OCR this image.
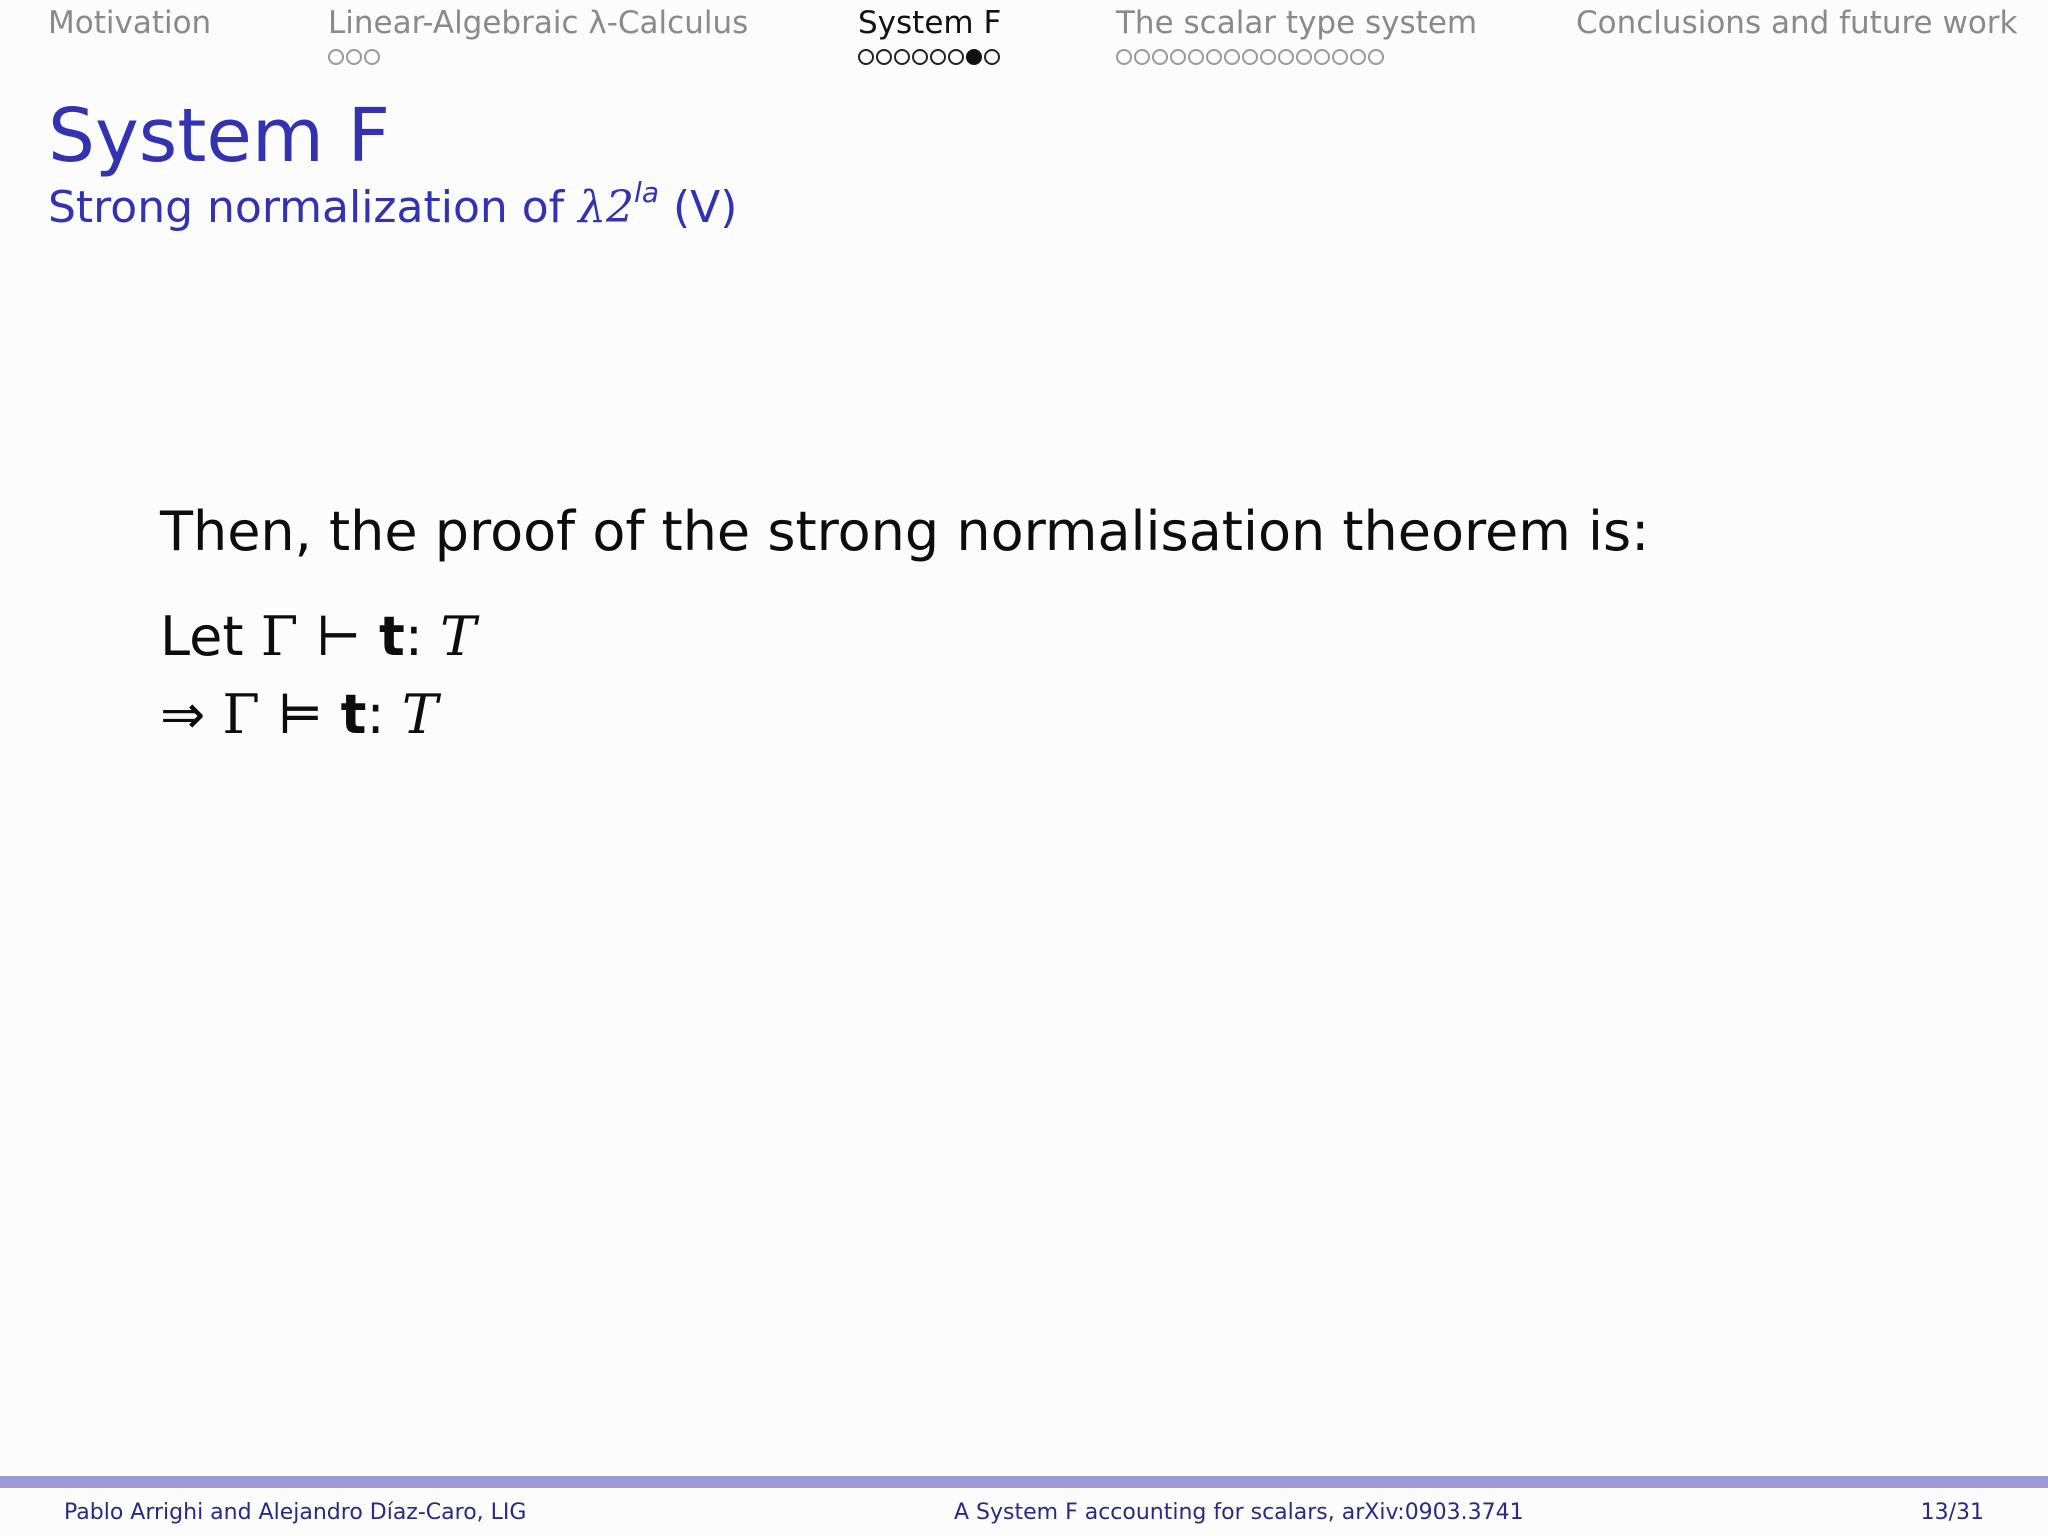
Motivation	Linear-Algebraic λ-Calculus	System F	The scalar type system	Conclusions and future work
System F
Strong normalization of $\lambda 2^{la}$ (V)
Then, the proof of the strong normalisation theorem is:
Let Γ ⊢ t: T
⇒ Γ ⊨ t: T
Pablo Arrighi and Alejandro Díaz-Caro, LIG	A System F accounting for scalars, arXiv:0903.3741	13/31
